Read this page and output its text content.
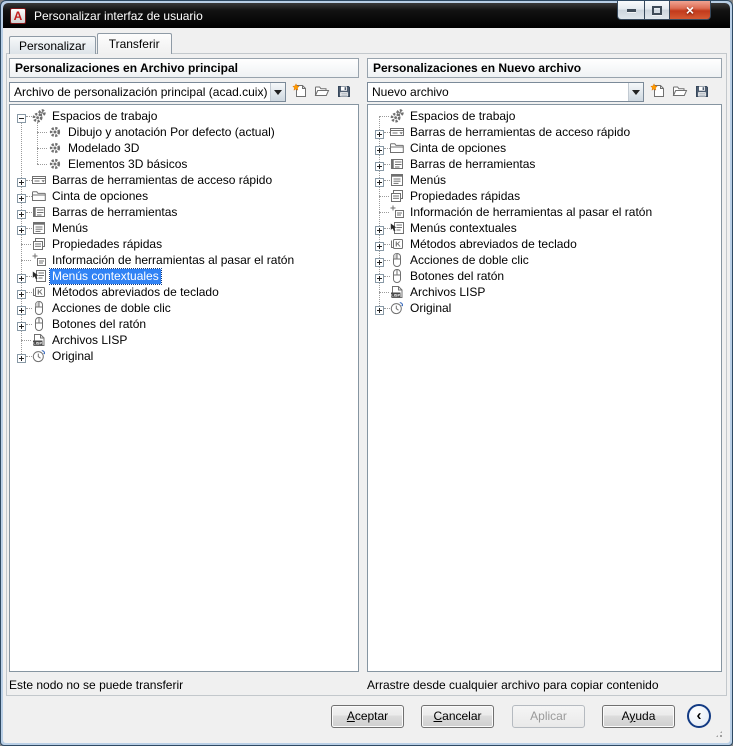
A Personalizar interfaz de usuario	×
Personalizar	Transferir
Personalizaciones en Archivo principal
Archivo de personalización principal (acad.cuix)
Espacios de trabajo
Dibujo y anotación Por defecto (actual)
Modelado 3D
Elementos 3D básicos
Barras de herramientas de acceso rápido
Cinta de opciones
Barras de herramientas
Menús
Propiedades rápidas
Información de herramientas al pasar el ratón
Menús contextuales
K Métodos abreviados de teclado
Acciones de doble clic
Botones del ratón
LISP Archivos LISP
Original
Personalizaciones en Nuevo archivo
Nuevo archivo
Espacios de trabajo
Barras de herramientas de acceso rápido
Cinta de opciones
Barras de herramientas
Menús
Propiedades rápidas
Información de herramientas al pasar el ratón
Menús contextuales
K Métodos abreviados de teclado
Acciones de doble clic
Botones del ratón
LISP Archivos LISP
Original
Este nodo no se puede transferir	Arrastre desde cualquier archivo para copiar contenido
Aceptar	Cancelar	Aplicar	Ayuda	‹
